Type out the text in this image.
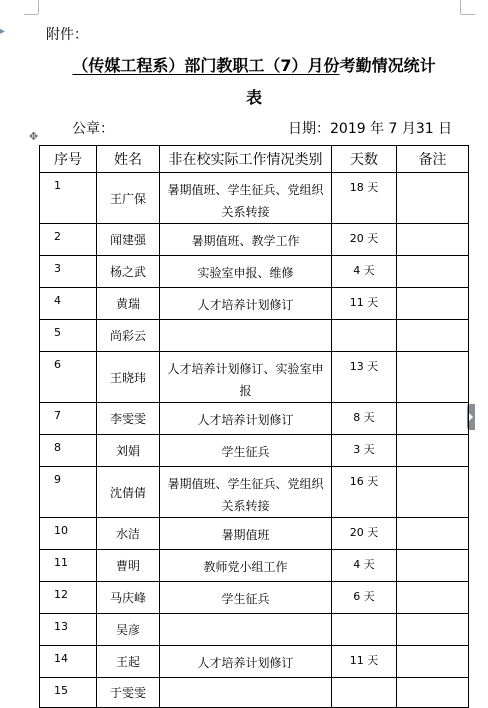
▸	附件：
（传媒工程系）部门教职工（7）月份考勤情况统计
表
公章：	日期：2019 年 7 月31 日
✥
序号	姓名	非在校实际工作情况类别	天数	备注
1	王广保	暑期值班、学生征兵、党组织关系转接	18 天	
2	闻建强	暑期值班、教学工作	20 天	
3	杨之武	实验室申报、维修	4 天	
4	黄瑞	人才培养计划修订	11 天	
5	尚彩云			
6	王晓玮	人才培养计划修订、实验室申报	13 天	
7	李雯雯	人才培养计划修订	8 天	
8	刘娟	学生征兵	3 天	
9	沈倩倩	暑期值班、学生征兵、党组织关系转接	16 天	
10	水洁	暑期值班	20 天	
11	曹明	教师党小组工作	4 天	
12	马庆峰	学生征兵	6 天	
13	吴彦			
14	王起	人才培养计划修订	11 天	
15	于雯雯			
